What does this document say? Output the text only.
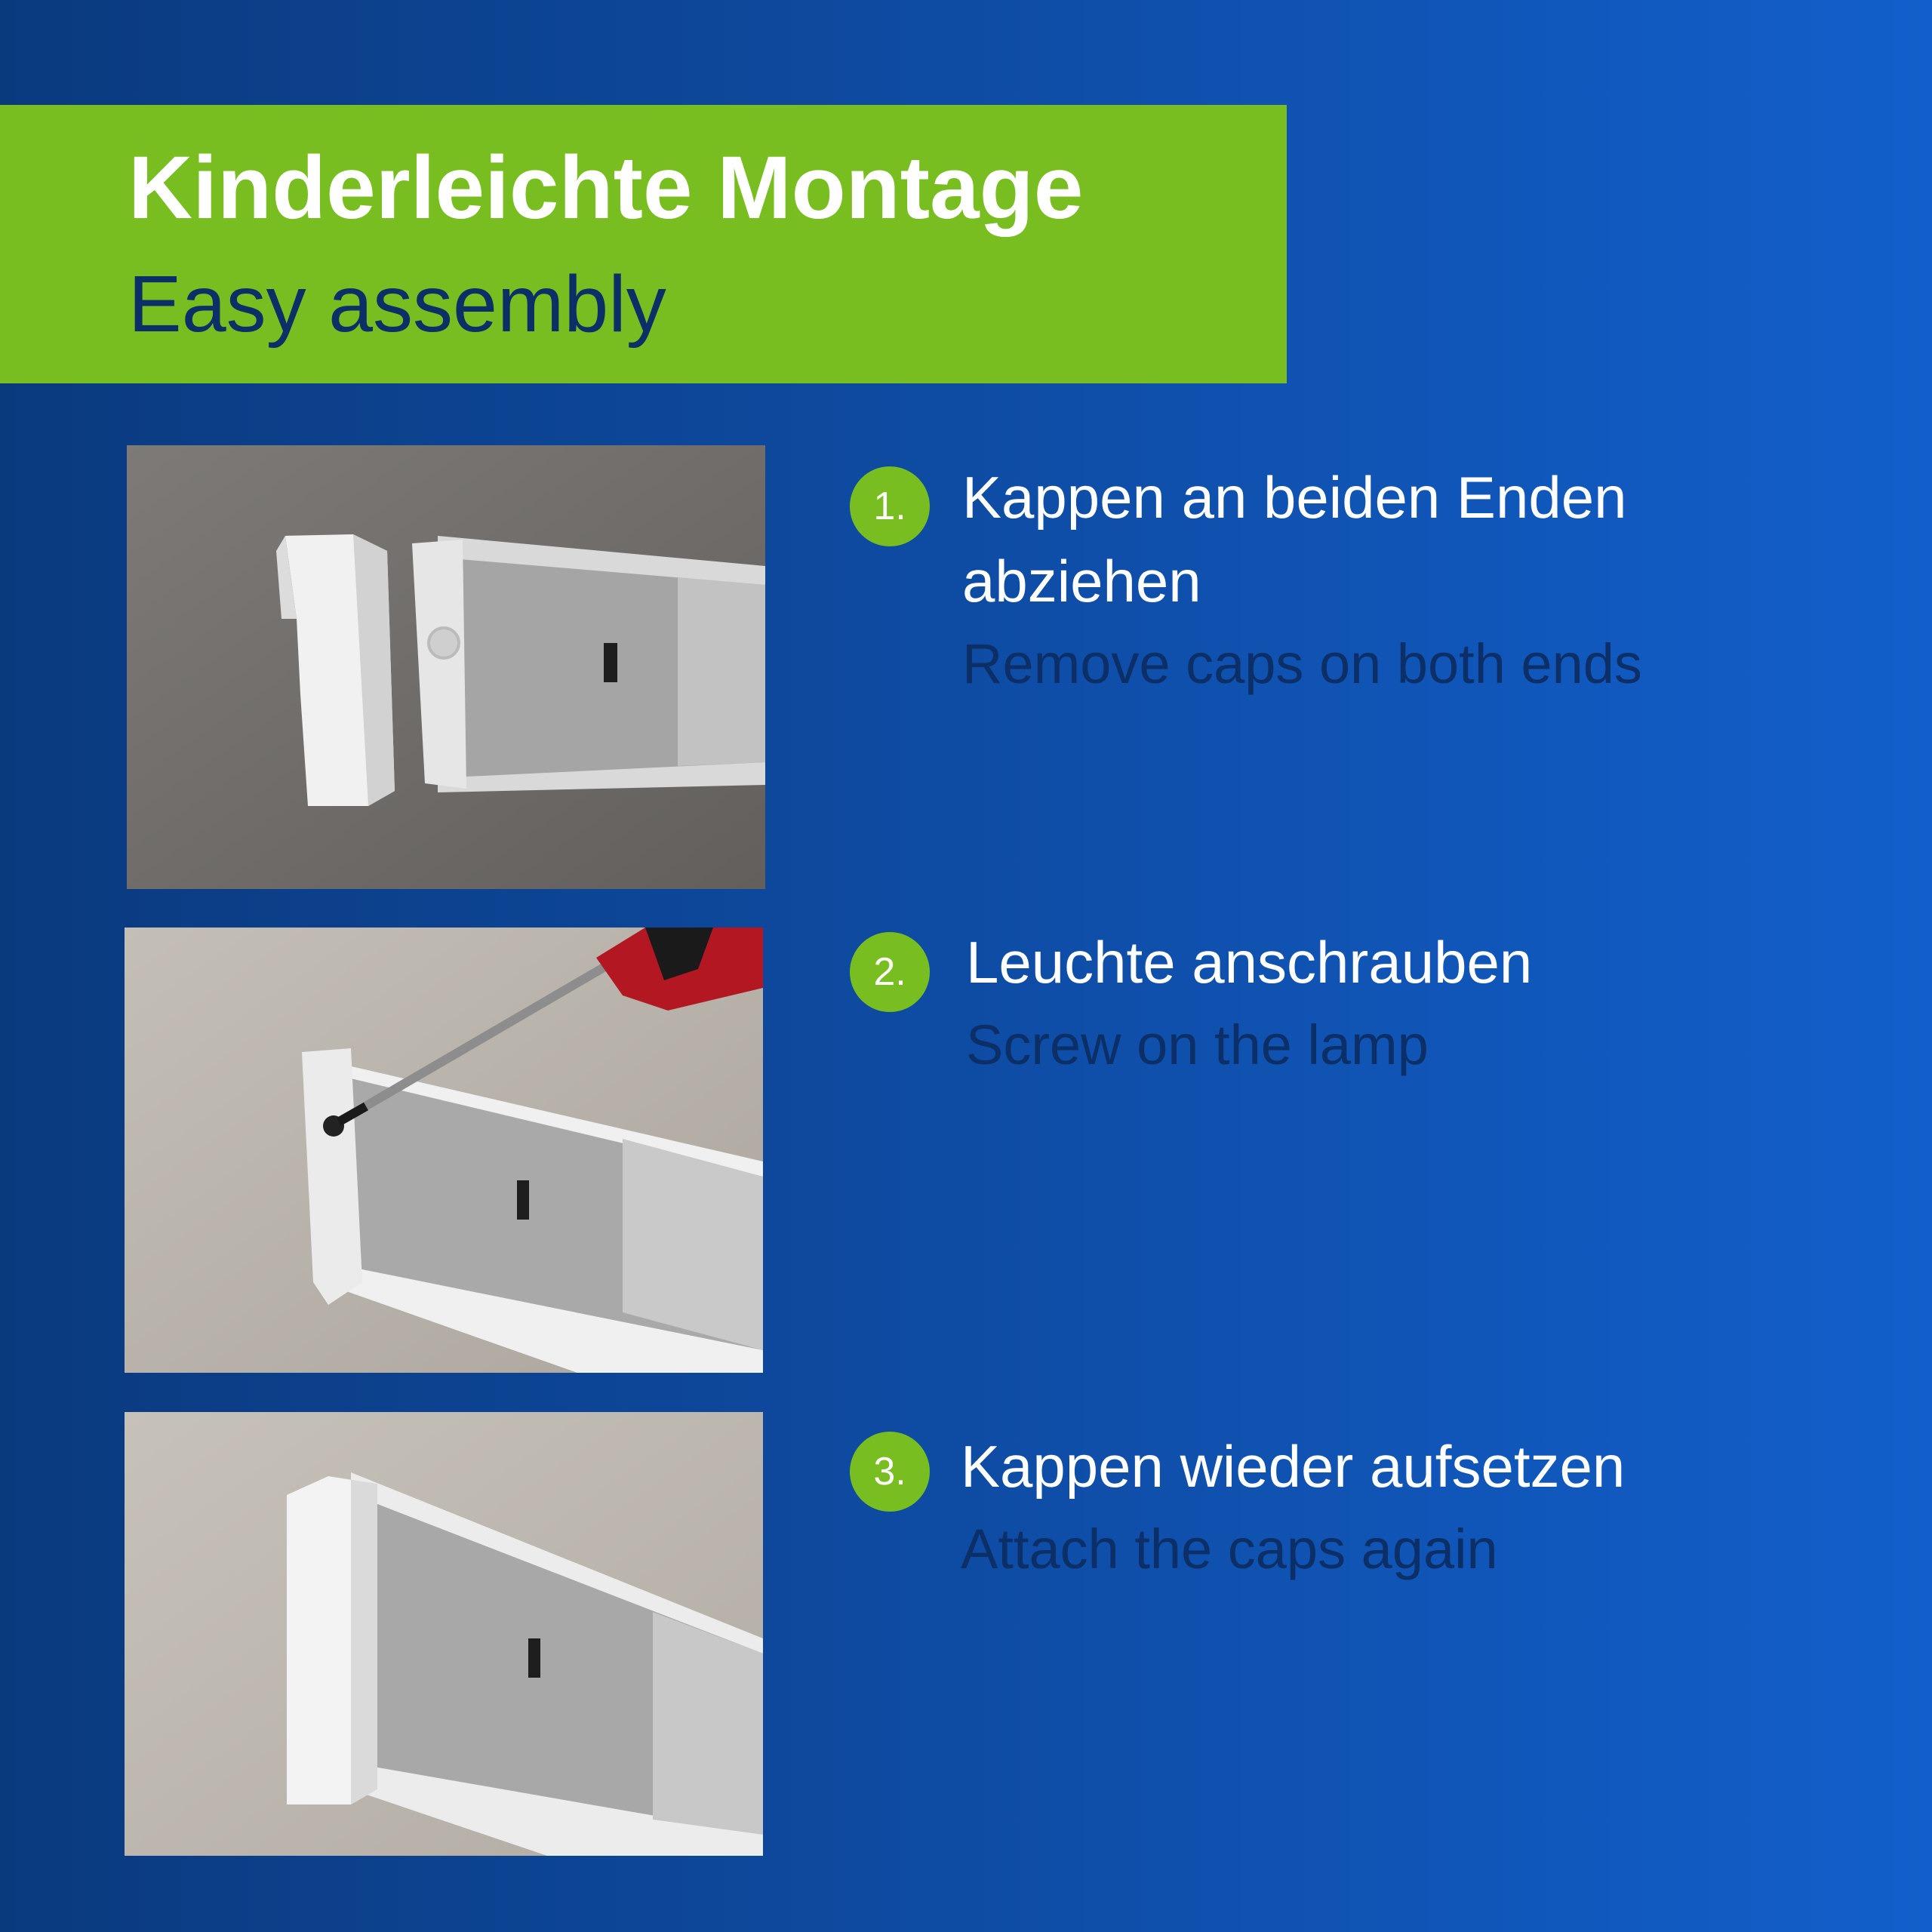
Kinderleichte Montage
Easy assembly
1. Kappen an beiden Enden
abziehen
Remove caps on both ends
2.	Leuchte anschrauben
Screw on the lamp
3. Kappen wieder aufsetzen
Attach the caps again
